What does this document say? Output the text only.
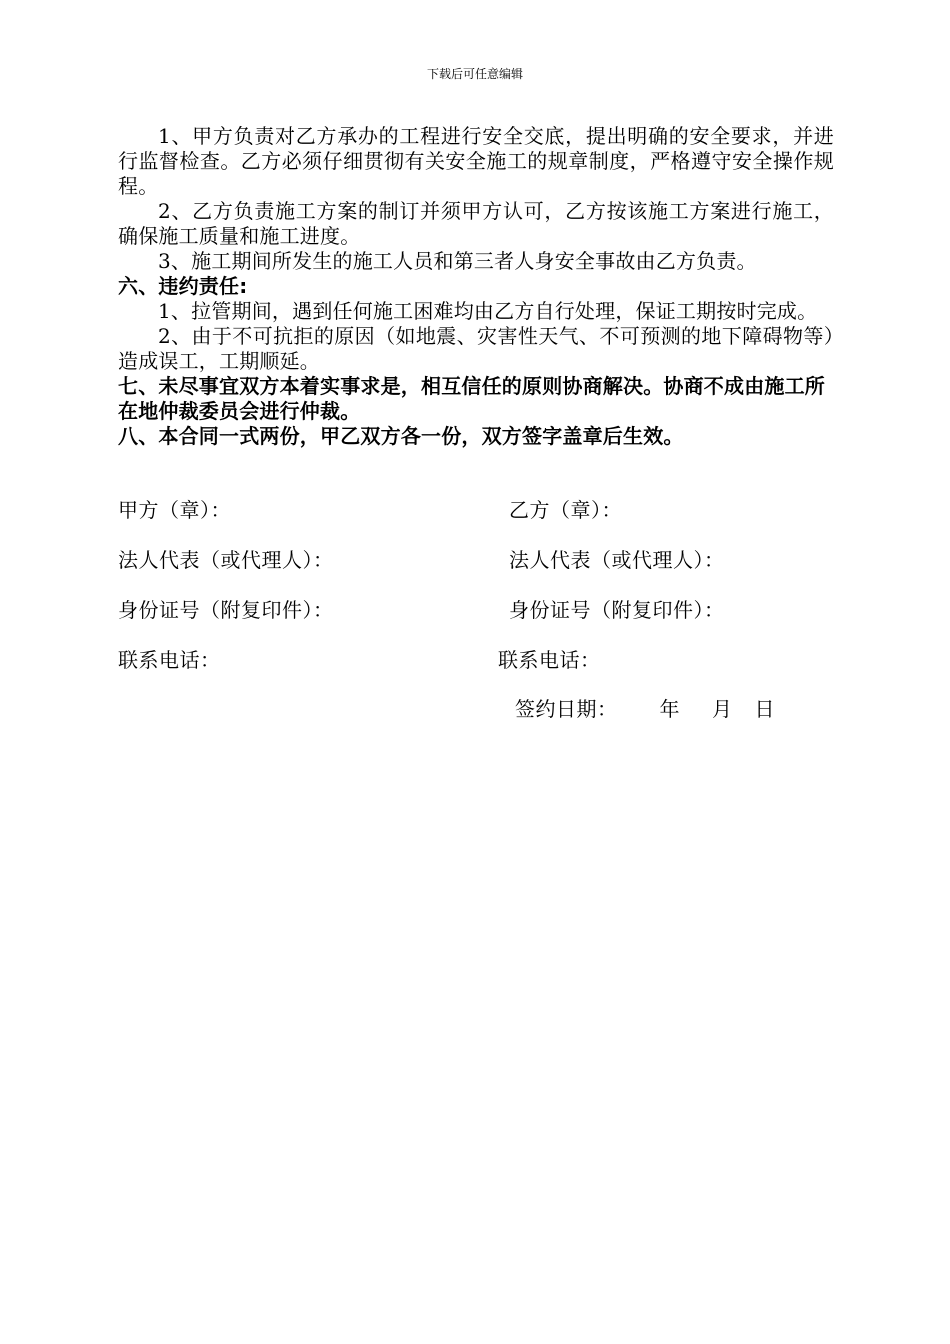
下载后可任意编辑

1、甲方负责对乙方承办的工程进行安全交底，提出明确的安全要求，并进行监督检查。乙方必须仔细贯彻有关安全施工的规章制度，严格遵守安全操作规程。

2、乙方负责施工方案的制订并须甲方认可，乙方按该施工方案进行施工，确保施工质量和施工进度。

3、施工期间所发生的施工人员和第三者人身安全事故由乙方负责。

六、违约责任:

1、拉管期间，遇到任何施工困难均由乙方自行处理，保证工期按时完成。

2、由于不可抗拒的原因（如地震、灾害性天气、不可预测的地下障碍物等）造成误工，工期顺延。

七、未尽事宜双方本着实事求是，相互信任的原则协商解决。协商不成由施工所在地仲裁委员会进行仲裁。

八、本合同一式两份，甲乙双方各一份，双方签字盖章后生效。

甲方（章）：	乙方（章）：
法人代表（或代理人）：	法人代表（或代理人）：
身份证号（附复印件）：	身份证号（附复印件）：
联系电话：	联系电话：
签约日期： 年 月 日
